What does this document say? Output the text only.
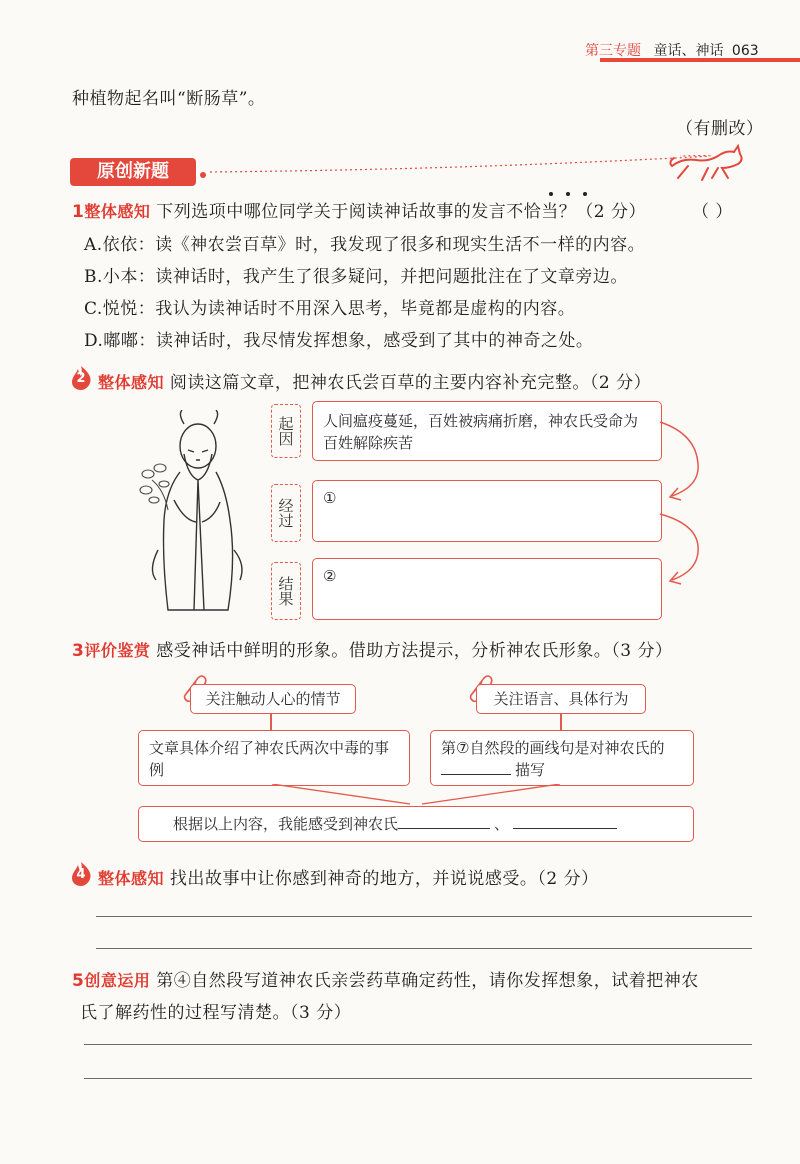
第三专题 童话、神话 063
种植物起名叫“断肠草”。
（有删改）
原创新题
1整体感知 下列选项中哪位同学关于阅读神话故事的发言不恰当？（2 分）	（ ）
A.依依：读《神农尝百草》时，我发现了很多和现实生活不一样的内容。
B.小本：读神话时，我产生了很多疑问，并把问题批注在了文章旁边。
C.悦悦：我认为读神话时不用深入思考，毕竟都是虚构的内容。
D.嘟嘟：读神话时，我尽情发挥想象，感受到了其中的神奇之处。
2 整体感知 阅读这篇文章，把神农氏尝百草的主要内容补充完整。（2 分）
起因	人间瘟疫蔓延，百姓被病痛折磨，神农氏受命为百姓解除疾苦
经过	①
结果	②
3评价鉴赏 感受神话中鲜明的形象。借助方法提示，分析神农氏形象。（3 分）
关注触动人心的情节	关注语言、具体行为
文章具体介绍了神农氏两次中毒的事例
第⑦自然段的画线句是对神农氏的
描写
根据以上内容，我能感受到神农氏	、
4 整体感知 找出故事中让你感到神奇的地方，并说说感受。（2 分）
5创意运用 第④自然段写道神农氏亲尝药草确定药性，请你发挥想象，试着把神农
氏了解药性的过程写清楚。（3 分）
